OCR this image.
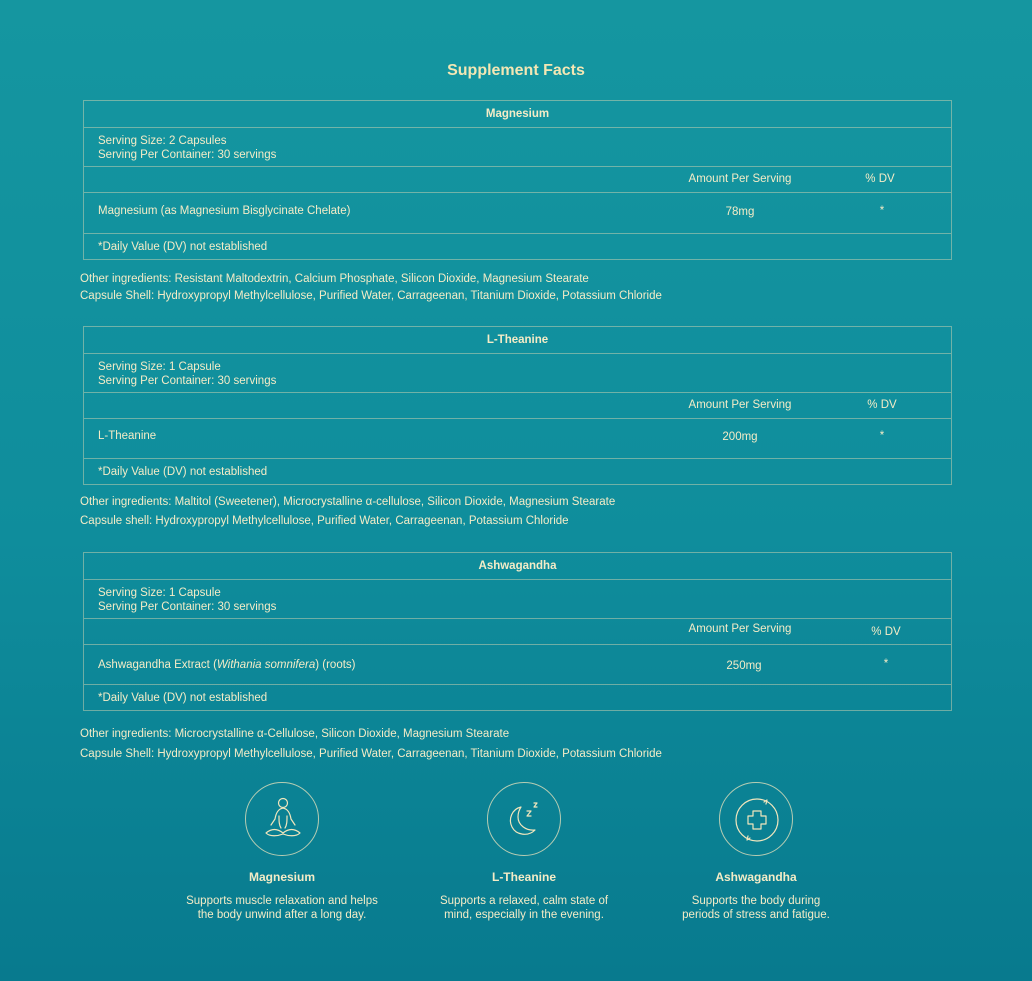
Supplement Facts
Magnesium
Serving Size: 2 Capsules
Serving Per Container: 30 servings
Amount Per Serving	% DV
Magnesium (as Magnesium Bisglycinate Chelate)	78mg	*
*Daily Value (DV) not established
Other ingredients: Resistant Maltodextrin, Calcium Phosphate, Silicon Dioxide, Magnesium Stearate
Capsule Shell: Hydroxypropyl Methylcellulose, Purified Water, Carrageenan, Titanium Dioxide, Potassium Chloride
L-Theanine
Serving Size: 1 Capsule
Serving Per Container: 30 servings
Amount Per Serving	% DV
L-Theanine	200mg	*
*Daily Value (DV) not established
Other ingredients: Maltitol (Sweetener), Microcrystalline α-cellulose, Silicon Dioxide, Magnesium Stearate
Capsule shell: Hydroxypropyl Methylcellulose, Purified Water, Carrageenan, Potassium Chloride
Ashwagandha
Serving Size: 1 Capsule
Serving Per Container: 30 servings
Amount Per Serving	% DV
Ashwagandha Extract (Withania somnifera) (roots)	250mg	*
*Daily Value (DV) not established
Other ingredients: Microcrystalline α-Cellulose, Silicon Dioxide, Magnesium Stearate
Capsule Shell: Hydroxypropyl Methylcellulose, Purified Water, Carrageenan, Titanium Dioxide, Potassium Chloride
Magnesium
Supports muscle relaxation and helps
the body unwind after a long day.
L-Theanine
Supports a relaxed, calm state of
mind, especially in the evening.
Ashwagandha
Supports the body during
periods of stress and fatigue.
